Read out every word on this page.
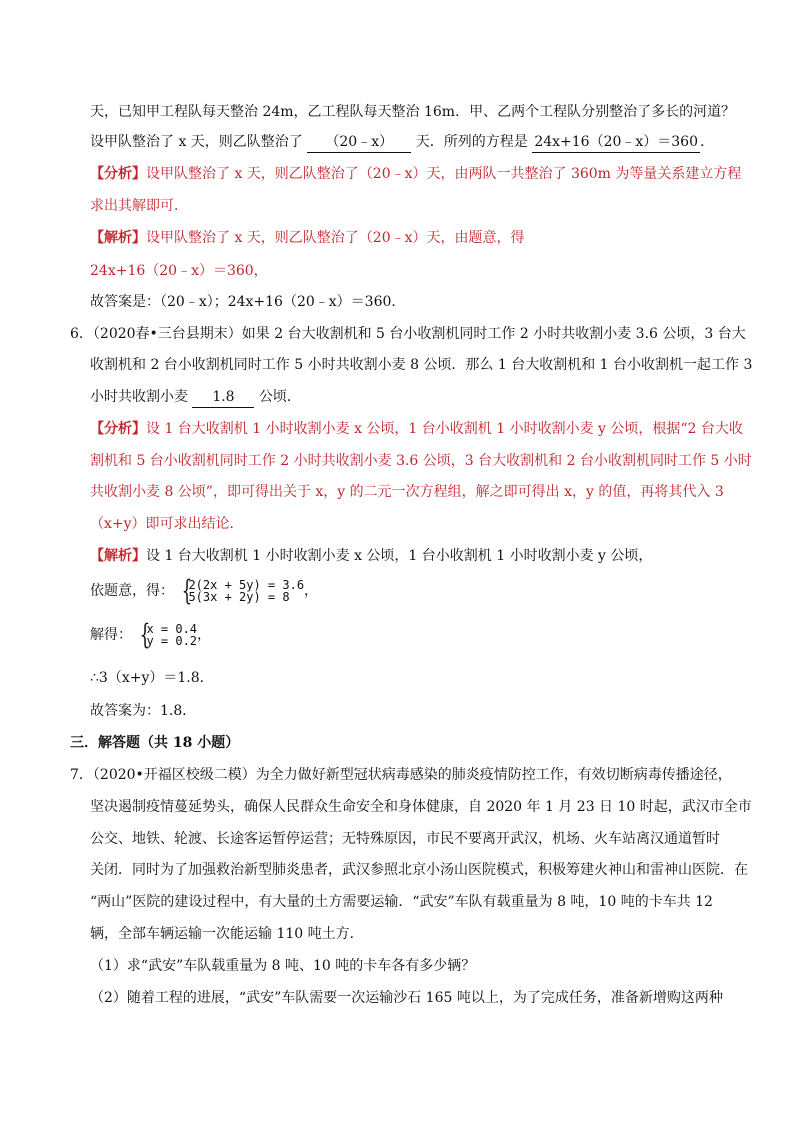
天，已知甲工程队每天整治 24m，乙工程队每天整治 16m．甲、乙两个工程队分别整治了多长的河道？
设甲队整治了 x 天，则乙队整治了 （20﹣x） 天．所列的方程是 24x+16（20﹣x）＝360 ．
【分析】设甲队整治了 x 天，则乙队整治了（20﹣x）天，由两队一共整治了 360m 为等量关系建立方程
求出其解即可．
【解析】设甲队整治了 x 天，则乙队整治了（20﹣x）天，由题意，得
24x+16（20﹣x）＝360，
故答案是：（20﹣x）；24x+16（20﹣x）＝360．
6．（2020春•三台县期末）如果 2 台大收割机和 5 台小收割机同时工作 2 小时共收割小麦 3.6 公顷，3 台大
收割机和 2 台小收割机同时工作 5 小时共收割小麦 8 公顷．那么 1 台大收割机和 1 台小收割机一起工作 3
小时共收割小麦 1.8 公顷．
【分析】设 1 台大收割机 1 小时收割小麦 x 公顷，1 台小收割机 1 小时收割小麦 y 公顷，根据“2 台大收
割机和 5 台小收割机同时工作 2 小时共收割小麦 3.6 公顷，3 台大收割机和 2 台小收割机同时工作 5 小时
共收割小麦 8 公顷”，即可得出关于 x，y 的二元一次方程组，解之即可得出 x，y 的值，再将其代入 3
（x+y）即可求出结论．
【解析】设 1 台大收割机 1 小时收割小麦 x 公顷，1 台小收割机 1 小时收割小麦 y 公顷，
依题意，得： {
2(2x + 5y) = 3.6
5(3x + 2y) = 8	，
解得： {
x = 0.4
y = 0.2 ，
∴3（x+y）＝1.8．
故答案为：1.8．
三．解答题（共 18 小题）
7．（2020•开福区校级二模）为全力做好新型冠状病毒感染的肺炎疫情防控工作，有效切断病毒传播途径，
坚决遏制疫情蔓延势头，确保人民群众生命安全和身体健康，自 2020 年 1 月 23 日 10 时起，武汉市全市
公交、地铁、轮渡、长途客运暂停运营；无特殊原因，市民不要离开武汉，机场、火车站离汉通道暂时
关闭．同时为了加强救治新型肺炎患者，武汉参照北京小汤山医院模式，积极筹建火神山和雷神山医院．在
“两山”医院的建设过程中，有大量的土方需要运输．“武安”车队有载重量为 8 吨，10 吨的卡车共 12
辆，全部车辆运输一次能运输 110 吨土方．
（1）求“武安”车队载重量为 8 吨、10 吨的卡车各有多少辆？
（2）随着工程的进展，“武安”车队需要一次运输沙石 165 吨以上，为了完成任务，准备新增购这两种
